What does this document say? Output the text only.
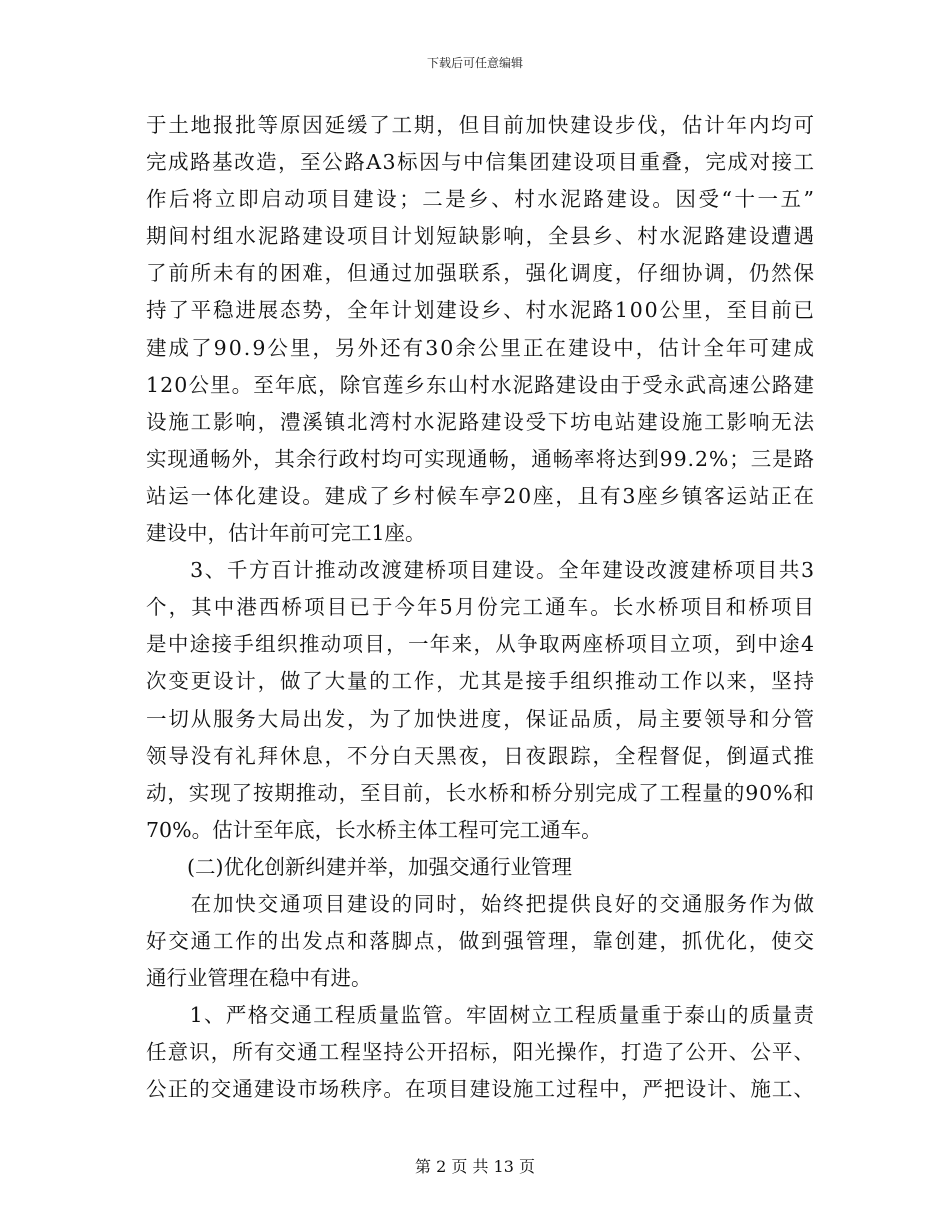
下载后可任意编辑
于土地报批等原因延缓了工期，但目前加快建设步伐，估计年内均可
完成路基改造，至公路A3标因与中信集团建设项目重叠，完成对接工
作后将立即启动项目建设；二是乡、村水泥路建设。因受“十一五”
期间村组水泥路建设项目计划短缺影响，全县乡、村水泥路建设遭遇
了前所未有的困难，但通过加强联系，强化调度，仔细协调，仍然保
持了平稳进展态势，全年计划建设乡、村水泥路100公里，至目前已
建成了90.9公里，另外还有30余公里正在建设中，估计全年可建成
120公里。至年底，除官莲乡东山村水泥路建设由于受永武高速公路建
设施工影响，澧溪镇北湾村水泥路建设受下坊电站建设施工影响无法
实现通畅外，其余行政村均可实现通畅，通畅率将达到99.2%；三是路
站运一体化建设。建成了乡村候车亭20座，且有3座乡镇客运站正在
建设中，估计年前可完工1座。
　　3、千方百计推动改渡建桥项目建设。全年建设改渡建桥项目共3
个，其中港西桥项目已于今年5月份完工通车。长水桥项目和桥项目
是中途接手组织推动项目，一年来，从争取两座桥项目立项，到中途4
次变更设计，做了大量的工作，尤其是接手组织推动工作以来，坚持
一切从服务大局出发，为了加快进度，保证品质，局主要领导和分管
领导没有礼拜休息，不分白天黑夜，日夜跟踪，全程督促，倒逼式推
动，实现了按期推动，至目前，长水桥和桥分别完成了工程量的90%和
70%。估计至年底，长水桥主体工程可完工通车。
　　(二)优化创新纠建并举，加强交通行业管理
　　在加快交通项目建设的同时，始终把提供良好的交通服务作为做
好交通工作的出发点和落脚点，做到强管理，靠创建，抓优化，使交
通行业管理在稳中有进。
　　1、严格交通工程质量监管。牢固树立工程质量重于泰山的质量责
任意识，所有交通工程坚持公开招标，阳光操作，打造了公开、公平、
公正的交通建设市场秩序。在项目建设施工过程中，严把设计、施工、
第 2 页 共 13 页
